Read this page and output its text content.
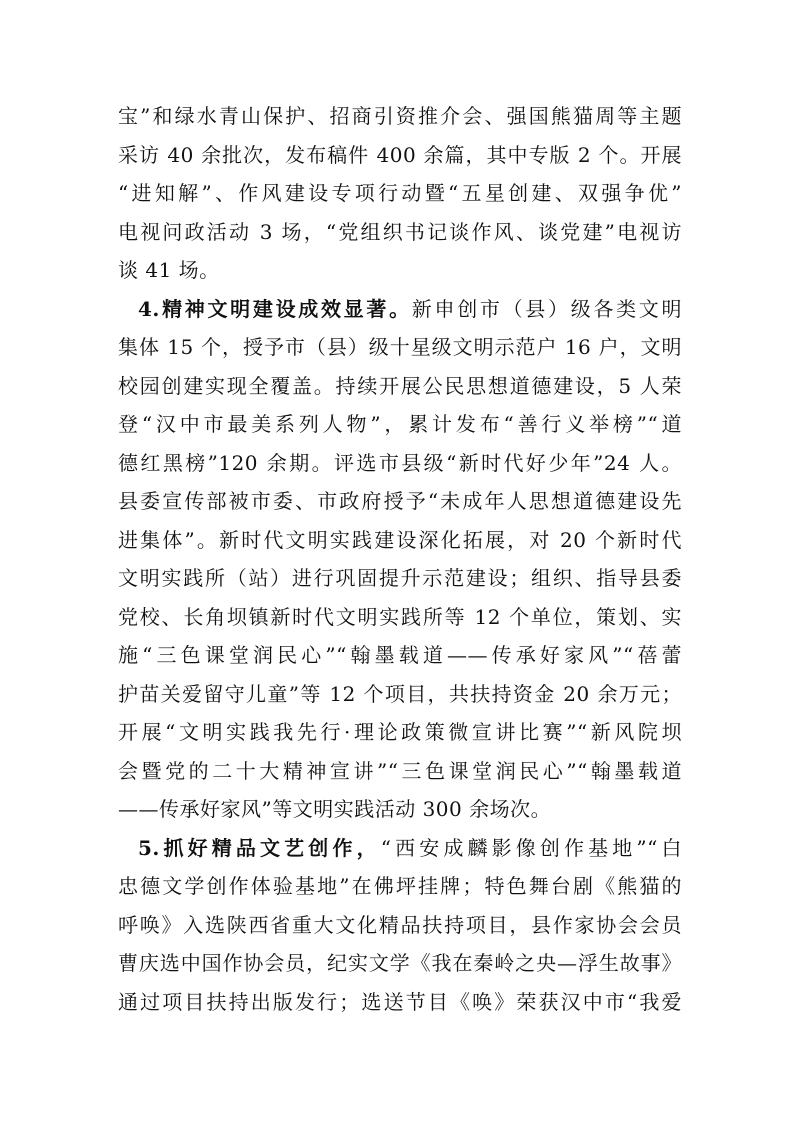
宝”和绿水青山保护、招商引资推介会、强国熊猫周等主题
采访 40 余批次，发布稿件 400 余篇，其中专版 2 个。开展
“进知解”、作风建设专项行动暨“五星创建、双强争优”
电视问政活动 3 场，“党组织书记谈作风、谈党建”电视访
谈 41 场。
4.精神文明建设成效显著。新申创市（县）级各类文明
集体 15 个，授予市（县）级十星级文明示范户 16 户，文明
校园创建实现全覆盖。持续开展公民思想道德建设，5 人荣
登“汉中市最美系列人物”，累计发布“善行义举榜”“道
德红黑榜”120 余期。评选市县级“新时代好少年”24 人。
县委宣传部被市委、市政府授予“未成年人思想道德建设先
进集体”。新时代文明实践建设深化拓展，对 20 个新时代
文明实践所（站）进行巩固提升示范建设；组织、指导县委
党校、长角坝镇新时代文明实践所等 12 个单位，策划、实
施“三色课堂润民心”“翰墨载道——传承好家风”“蓓蕾
护苗关爱留守儿童”等 12 个项目，共扶持资金 20 余万元；
开展“文明实践我先行·理论政策微宣讲比赛”“新风院坝
会暨党的二十大精神宣讲”“三色课堂润民心”“翰墨载道
——传承好家风”等文明实践活动 300 余场次。
5.抓好精品文艺创作，“西安成麟影像创作基地”“白
忠德文学创作体验基地”在佛坪挂牌；特色舞台剧《熊猫的
呼唤》入选陕西省重大文化精品扶持项目，县作家协会会员
曹庆选中国作协会员，纪实文学《我在秦岭之央—浮生故事》
通过项目扶持出版发行；选送节目《唤》荣获汉中市“我爱
